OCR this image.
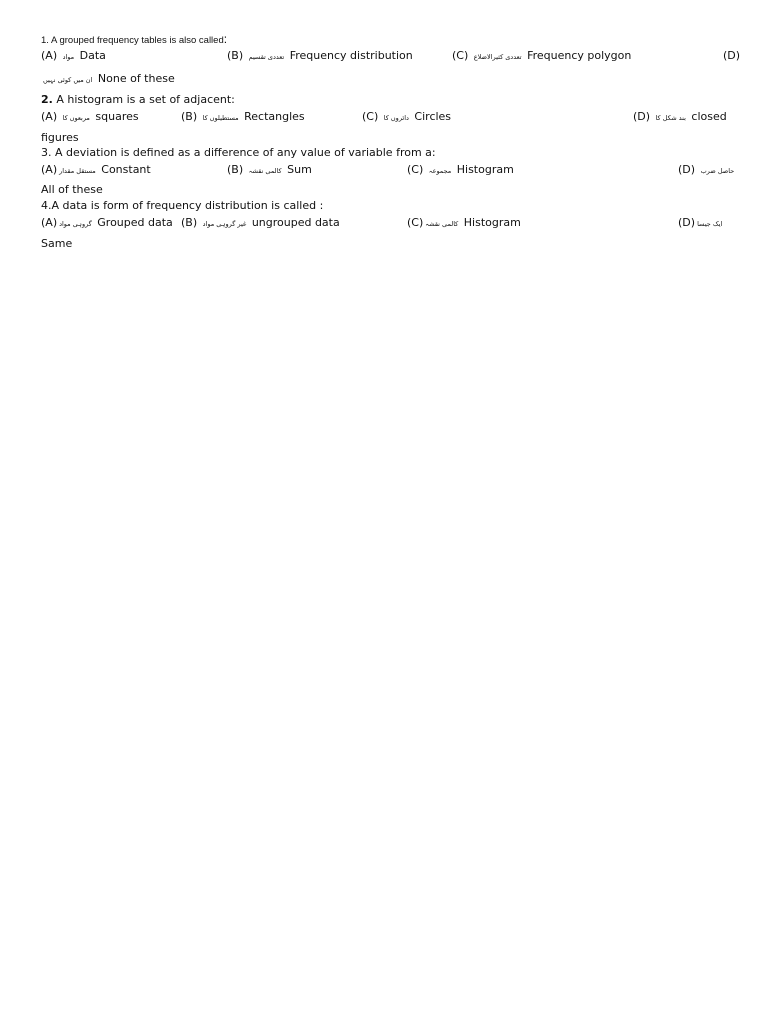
1. A grouped frequency tables is also called:
(A) مواد Data	(B) تعددی تقسیم Frequency distribution	(C) تعددی کثیرالاضلاع Frequency polygon	(D)
ان میں کوئی نہیں None of these
2. A histogram is a set of adjacent:
(A) مربعوں کا squares	(B) مستطیلوں کا Rectangles	(C) دائروں کا Circles	(D) بند شکل کا closed
figures
3. A deviation is defined as a difference of any value of variable from a:
(A) مستقل مقدار Constant	(B) کالمی نقشہ Sum	(C) مجموعہ Histogram	(D) حاصل ضرب
All of these
4.A data is form of frequency distribution is called :
(A) گروہی مواد Grouped data (B) غیر گروہی مواد ungrouped data	(C) کالمی نقشہ Histogram	(D) ایک جیسا
Same
